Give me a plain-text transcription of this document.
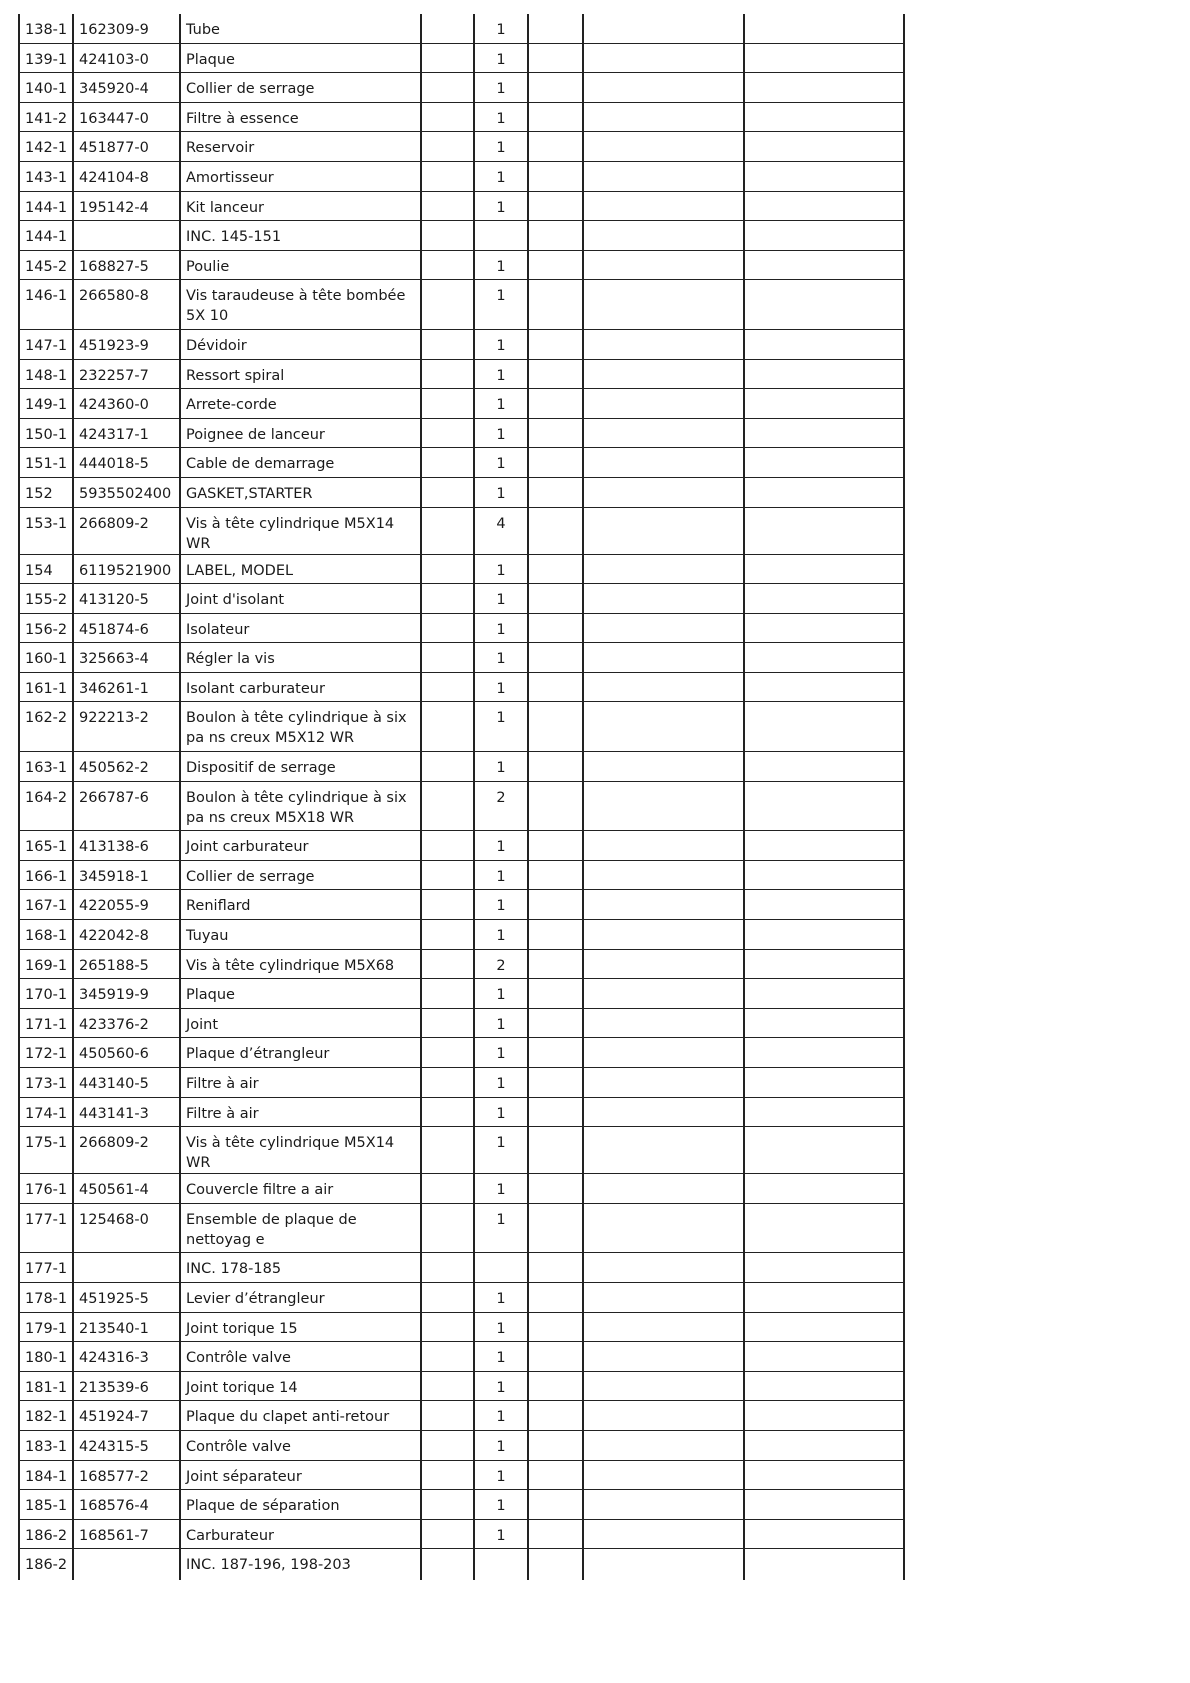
138-1	162309-9	Tube		1			
139-1	424103-0	Plaque		1			
140-1	345920-4	Collier de serrage		1			
141-2	163447-0	Filtre à essence		1			
142-1	451877-0	Reservoir		1			
143-1	424104-8	Amortisseur		1			
144-1	195142-4	Kit lanceur		1			
144-1		INC. 145-151					
145-2	168827-5	Poulie		1			
146-1	266580-8	Vis taraudeuse à tête bombée 5X 10		1			
147-1	451923-9	Dévidoir		1			
148-1	232257-7	Ressort spiral		1			
149-1	424360-0	Arrete-corde		1			
150-1	424317-1	Poignee de lanceur		1			
151-1	444018-5	Cable de demarrage		1			
152	5935502400	GASKET,STARTER		1			
153-1	266809-2	Vis à tête cylindrique M5X14 WR		4			
154	6119521900	LABEL, MODEL		1			
155-2	413120-5	Joint d'isolant		1			
156-2	451874-6	Isolateur		1			
160-1	325663-4	Régler la vis		1			
161-1	346261-1	Isolant carburateur		1			
162-2	922213-2	Boulon à tête cylindrique à six pa ns creux M5X12 WR		1			
163-1	450562-2	Dispositif de serrage		1			
164-2	266787-6	Boulon à tête cylindrique à six pa ns creux M5X18 WR		2			
165-1	413138-6	Joint carburateur		1			
166-1	345918-1	Collier de serrage		1			
167-1	422055-9	Reniflard		1			
168-1	422042-8	Tuyau		1			
169-1	265188-5	Vis à tête cylindrique M5X68		2			
170-1	345919-9	Plaque		1			
171-1	423376-2	Joint		1			
172-1	450560-6	Plaque d’étrangleur		1			
173-1	443140-5	Filtre à air		1			
174-1	443141-3	Filtre à air		1			
175-1	266809-2	Vis à tête cylindrique M5X14 WR		1			
176-1	450561-4	Couvercle filtre a air		1			
177-1	125468-0	Ensemble de plaque de nettoyag e		1			
177-1		INC. 178-185					
178-1	451925-5	Levier d’étrangleur		1			
179-1	213540-1	Joint torique 15		1			
180-1	424316-3	Contrôle valve		1			
181-1	213539-6	Joint torique 14		1			
182-1	451924-7	Plaque du clapet anti-retour		1			
183-1	424315-5	Contrôle valve		1			
184-1	168577-2	Joint séparateur		1			
185-1	168576-4	Plaque de séparation		1			
186-2	168561-7	Carburateur		1			
186-2		INC. 187-196, 198-203					
